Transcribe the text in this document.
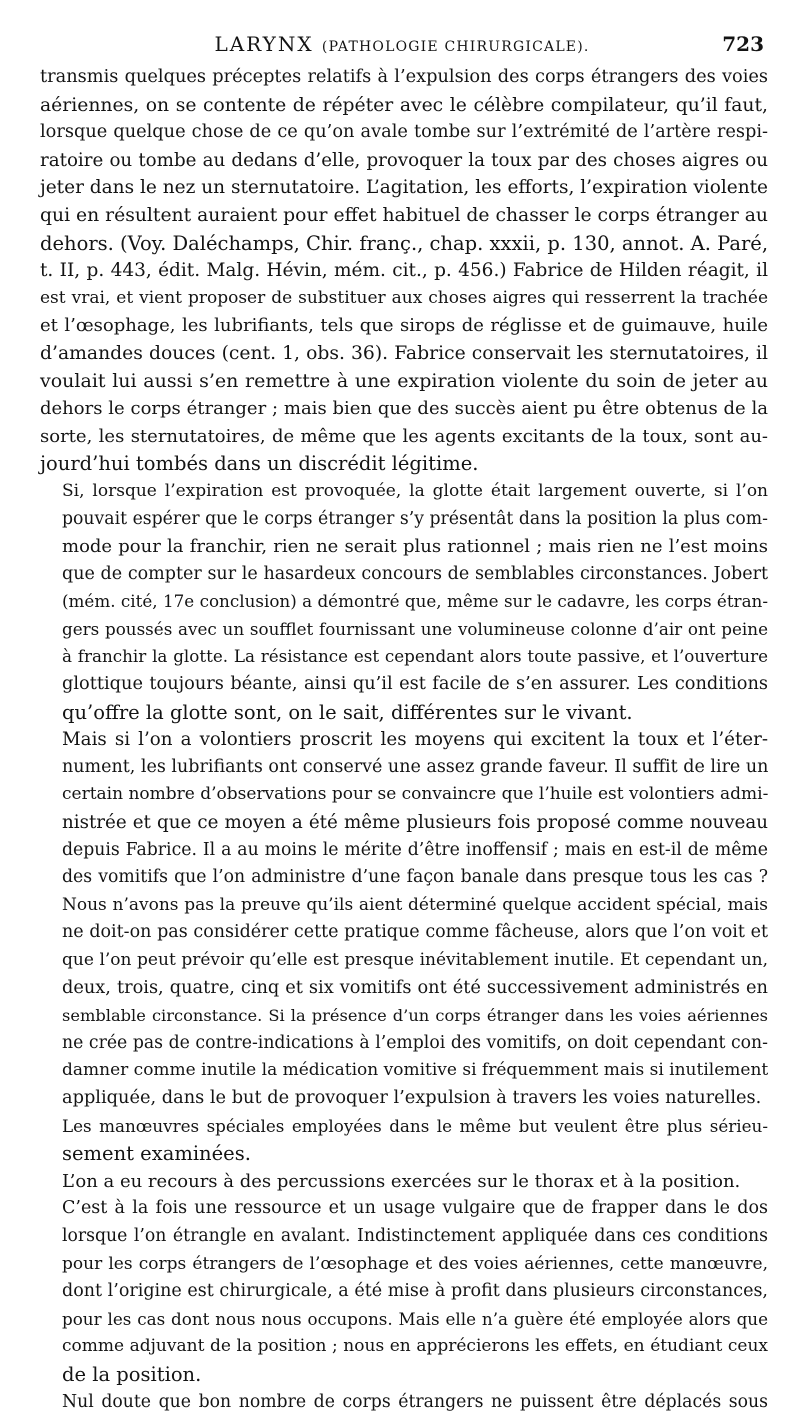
LARYNX (PATHOLOGIE CHIRURGICALE).	723

transmis quelques préceptes relatifs à l’expulsion des corps étrangers des voies
aériennes, on se contente de répéter avec le célèbre compilateur, qu’il faut,
lorsque quelque chose de ce qu’on avale tombe sur l’extrémité de l’artère respi-
ratoire ou tombe au dedans d’elle, provoquer la toux par des choses aigres ou
jeter dans le nez un sternutatoire. L’agitation, les efforts, l’expiration violente
qui en résultent auraient pour effet habituel de chasser le corps étranger au
dehors. (Voy. Daléchamps, Chir. franç., chap. xxxii, p. 130, annot. A. Paré,
t. II, p. 443, édit. Malg. Hévin, mém. cit., p. 456.) Fabrice de Hilden réagit, il
est vrai, et vient proposer de substituer aux choses aigres qui resserrent la trachée
et l’œsophage, les lubrifiants, tels que sirops de réglisse et de guimauve, huile
d’amandes douces (cent. 1, obs. 36). Fabrice conservait les sternutatoires, il
voulait lui aussi s’en remettre à une expiration violente du soin de jeter au
dehors le corps étranger ; mais bien que des succès aient pu être obtenus de la
sorte, les sternutatoires, de même que les agents excitants de la toux, sont au-
jourd’hui tombés dans un discrédit légitime.

Si, lorsque l’expiration est provoquée, la glotte était largement ouverte, si l’on
pouvait espérer que le corps étranger s’y présentât dans la position la plus com-
mode pour la franchir, rien ne serait plus rationnel ; mais rien ne l’est moins
que de compter sur le hasardeux concours de semblables circonstances. Jobert
(mém. cité, 17e conclusion) a démontré que, même sur le cadavre, les corps étran-
gers poussés avec un soufflet fournissant une volumineuse colonne d’air ont peine
à franchir la glotte. La résistance est cependant alors toute passive, et l’ouverture
glottique toujours béante, ainsi qu’il est facile de s’en assurer. Les conditions
qu’offre la glotte sont, on le sait, différentes sur le vivant.

Mais si l’on a volontiers proscrit les moyens qui excitent la toux et l’éter-
nument, les lubrifiants ont conservé une assez grande faveur. Il suffit de lire un
certain nombre d’observations pour se convaincre que l’huile est volontiers admi-
nistrée et que ce moyen a été même plusieurs fois proposé comme nouveau
depuis Fabrice. Il a au moins le mérite d’être inoffensif ; mais en est-il de même
des vomitifs que l’on administre d’une façon banale dans presque tous les cas ?
Nous n’avons pas la preuve qu’ils aient déterminé quelque accident spécial, mais
ne doit-on pas considérer cette pratique comme fâcheuse, alors que l’on voit et
que l’on peut prévoir qu’elle est presque inévitablement inutile. Et cependant un,
deux, trois, quatre, cinq et six vomitifs ont été successivement administrés en
semblable circonstance. Si la présence d’un corps étranger dans les voies aériennes
ne crée pas de contre-indications à l’emploi des vomitifs, on doit cependant con-
damner comme inutile la médication vomitive si fréquemment mais si inutilement
appliquée, dans le but de provoquer l’expulsion à travers les voies naturelles.

Les manœuvres spéciales employées dans le même but veulent être plus sérieu-
sement examinées.

L’on a eu recours à des percussions exercées sur le thorax et à la position.

C’est à la fois une ressource et un usage vulgaire que de frapper dans le dos
lorsque l’on étrangle en avalant. Indistinctement appliquée dans ces conditions
pour les corps étrangers de l’œsophage et des voies aériennes, cette manœuvre,
dont l’origine est chirurgicale, a été mise à profit dans plusieurs circonstances,
pour les cas dont nous nous occupons. Mais elle n’a guère été employée alors que
comme adjuvant de la position ; nous en apprécierons les effets, en étudiant ceux
de la position.

Nul doute que bon nombre de corps étrangers ne puissent être déplacés sous
